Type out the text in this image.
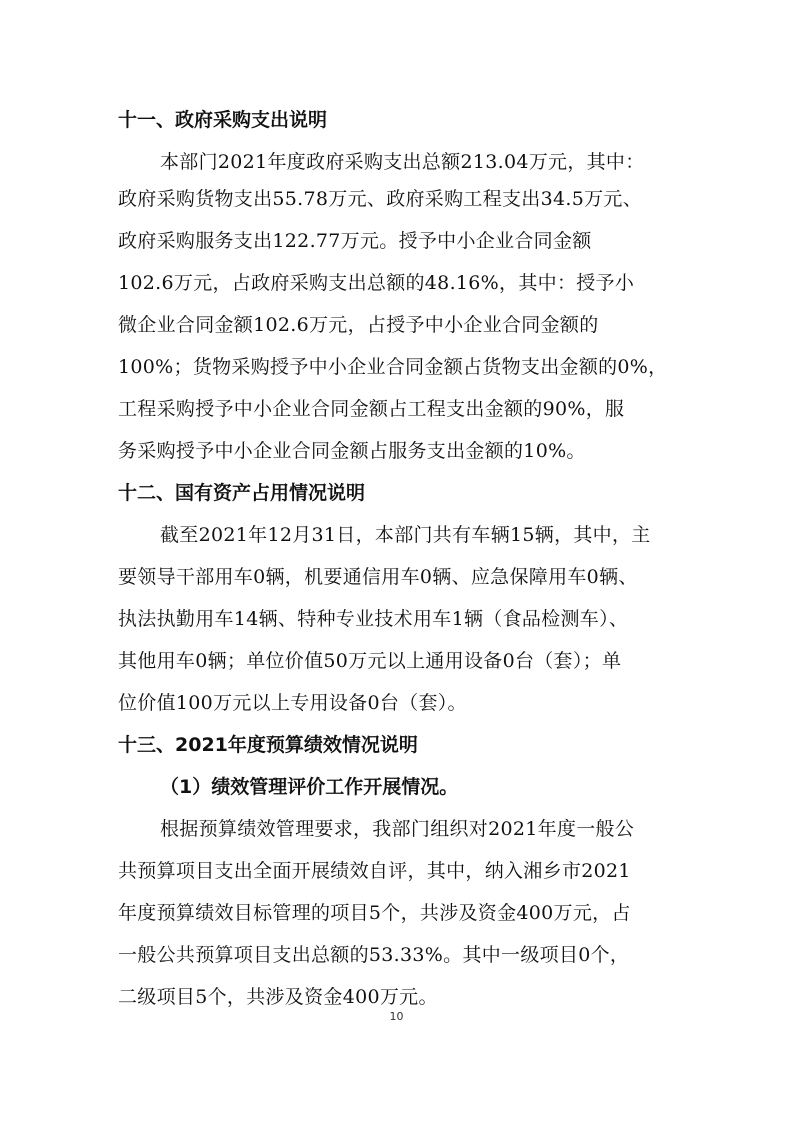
十一、政府采购支出说明
本部门2021年度政府采购支出总额213.04万元，其中：
政府采购货物支出55.78万元、政府采购工程支出34.5万元、
政府采购服务支出122.77万元。授予中小企业合同金额
102.6万元，占政府采购支出总额的48.16%，其中：授予小
微企业合同金额102.6万元，占授予中小企业合同金额的
100%；货物采购授予中小企业合同金额占货物支出金额的0%，
工程采购授予中小企业合同金额占工程支出金额的90%，服
务采购授予中小企业合同金额占服务支出金额的10%。
十二、国有资产占用情况说明
截至2021年12月31日，本部门共有车辆15辆，其中，主
要领导干部用车0辆，机要通信用车0辆、应急保障用车0辆、
执法执勤用车14辆、特种专业技术用车1辆（食品检测车）、
其他用车0辆；单位价值50万元以上通用设备0台（套）；单
位价值100万元以上专用设备0台（套）。
十三、2021年度预算绩效情况说明
（1）绩效管理评价工作开展情况。
根据预算绩效管理要求，我部门组织对2021年度一般公
共预算项目支出全面开展绩效自评，其中，纳入湘乡市2021
年度预算绩效目标管理的项目5个，共涉及资金400万元，占
一般公共预算项目支出总额的53.33%。其中一级项目0个，
二级项目5个，共涉及资金400万元。
10
